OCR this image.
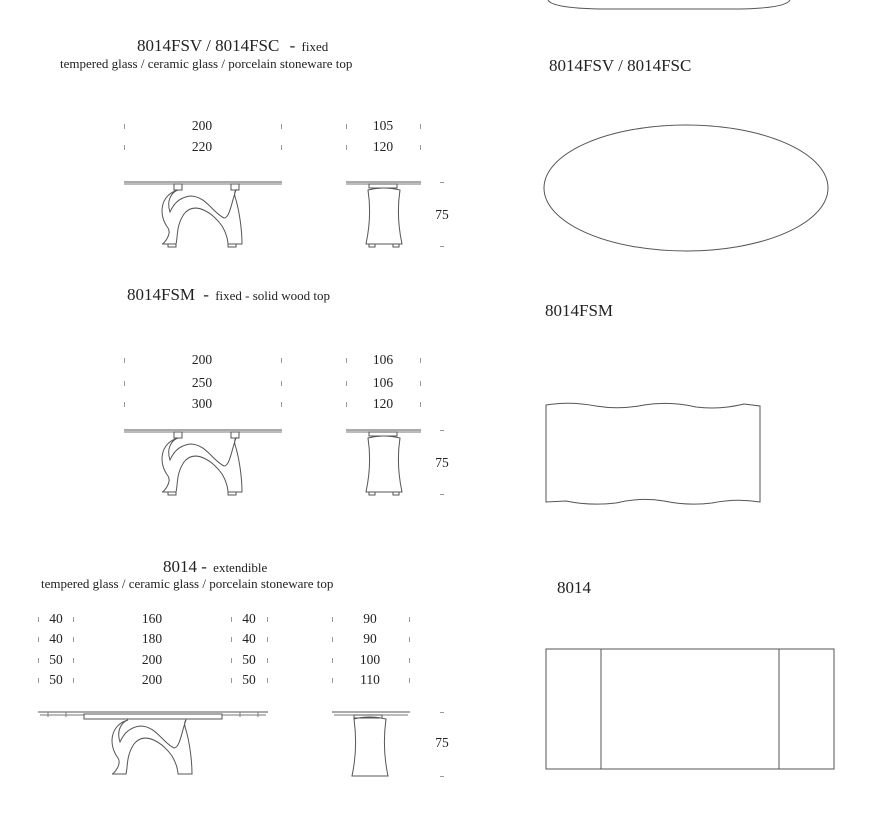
8014FSV / 8014FSC - fixed
tempered glass / ceramic glass / porcelain stoneware top
200
220
105
120
75
8014FSV / 8014FSC
8014FSM - fixed - solid wood top
200
250
300
106
106
120
75
8014FSM
8014 - extendible
tempered glass / ceramic glass / porcelain stoneware top
40
40
50
50
160
180
200
200
40
40
50
50
90
90
100
110
75
8014
